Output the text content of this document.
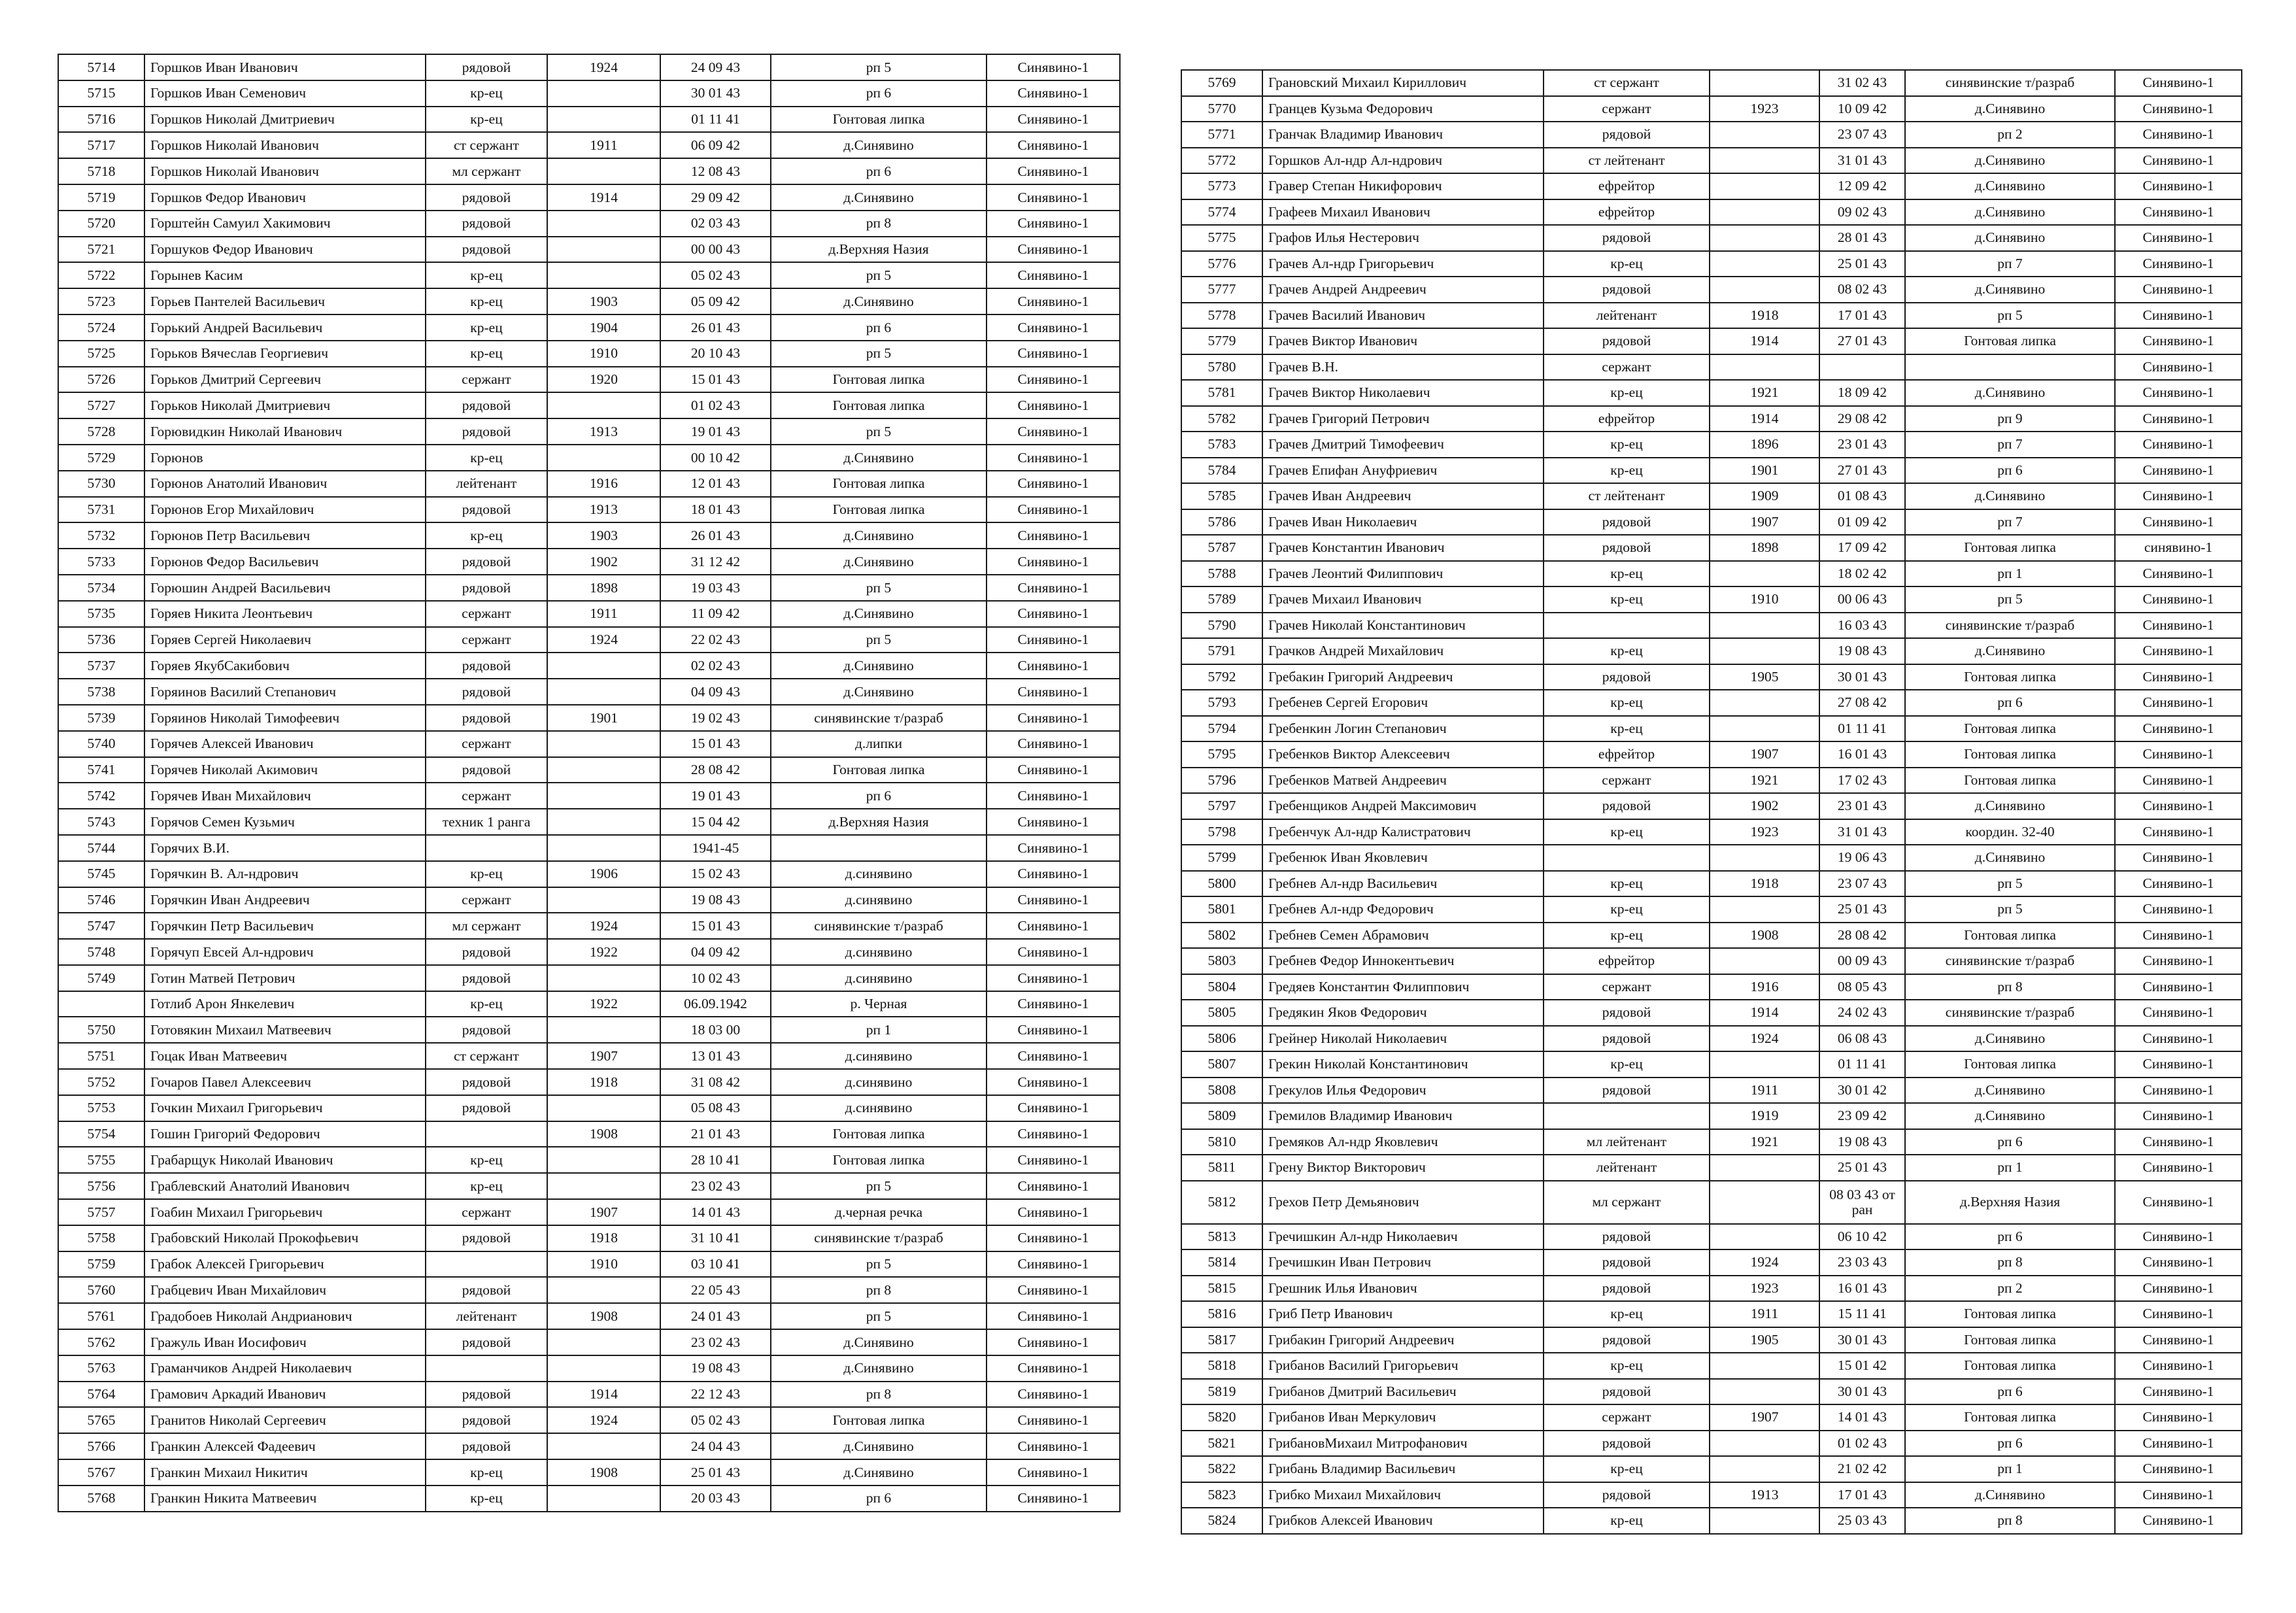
5714	Горшков Иван Иванович	рядовой	1924	24 09 43	рп 5	Синявино-1
5715	Горшков Иван Семенович	кр-ец		30 01 43	рп 6	Синявино-1
5716	Горшков Николай Дмитриевич	кр-ец		01 11 41	Гонтовая липка	Синявино-1
5717	Горшков Николай Иванович	ст сержант	1911	06 09 42	д.Синявино	Синявино-1
5718	Горшков Николай Иванович	мл сержант		12 08 43	рп 6	Синявино-1
5719	Горшков Федор Иванович	рядовой	1914	29 09 42	д.Синявино	Синявино-1
5720	Горштейн Самуил Хакимович	рядовой		02 03 43	рп 8	Синявино-1
5721	Горшуков Федор Иванович	рядовой		00 00 43	д.Верхняя Назия	Синявино-1
5722	Горынев Касим	кр-ец		05 02 43	рп 5	Синявино-1
5723	Горьев Пантелей Васильевич	кр-ец	1903	05 09 42	д.Синявино	Синявино-1
5724	Горький Андрей Васильевич	кр-ец	1904	26 01 43	рп 6	Синявино-1
5725	Горьков Вячеслав Георгиевич	кр-ец	1910	20 10 43	рп 5	Синявино-1
5726	Горьков Дмитрий Сергеевич	сержант	1920	15 01 43	Гонтовая липка	Синявино-1
5727	Горьков Николай Дмитриевич	рядовой		01 02 43	Гонтовая липка	Синявино-1
5728	Горювидкин Николай Иванович	рядовой	1913	19 01 43	рп 5	Синявино-1
5729	Горюнов	кр-ец		00 10 42	д.Синявино	Синявино-1
5730	Горюнов Анатолий Иванович	лейтенант	1916	12 01 43	Гонтовая липка	Синявино-1
5731	Горюнов Егор Михайлович	рядовой	1913	18 01 43	Гонтовая липка	Синявино-1
5732	Горюнов Петр Васильевич	кр-ец	1903	26 01 43	д.Синявино	Синявино-1
5733	Горюнов Федор Васильевич	рядовой	1902	31 12 42	д.Синявино	Синявино-1
5734	Горюшин Андрей Васильевич	рядовой	1898	19 03 43	рп 5	Синявино-1
5735	Горяев Никита Леонтьевич	сержант	1911	11 09 42	д.Синявино	Синявино-1
5736	Горяев Сергей Николаевич	сержант	1924	22 02 43	рп 5	Синявино-1
5737	Горяев ЯкубСакибович	рядовой		02 02 43	д.Синявино	Синявино-1
5738	Горяинов Василий Степанович	рядовой		04 09 43	д.Синявино	Синявино-1
5739	Горяинов Николай Тимофеевич	рядовой	1901	19 02 43	синявинские т/разраб	Синявино-1
5740	Горячев Алексей Иванович	сержант		15 01 43	д.липки	Синявино-1
5741	Горячев Николай Акимович	рядовой		28 08 42	Гонтовая липка	Синявино-1
5742	Горячев Иван Михайлович	сержант		19 01 43	рп 6	Синявино-1
5743	Горячов Семен Кузьмич	техник 1 ранга		15 04 42	д.Верхняя Назия	Синявино-1
5744	Горячих В.И.			1941-45		Синявино-1
5745	Горячкин В. Ал-ндрович	кр-ец	1906	15 02 43	д.синявино	Синявино-1
5746	Горячкин Иван Андреевич	сержант		19 08 43	д.синявино	Синявино-1
5747	Горячкин Петр Васильевич	мл сержант	1924	15 01 43	синявинские т/разраб	Синявино-1
5748	Горячуп Евсей Ал-ндрович	рядовой	1922	04 09 42	д.синявино	Синявино-1
5749	Готин Матвей Петрович	рядовой		10 02 43	д.синявино	Синявино-1
	Готлиб Арон Янкелевич	кр-ец	1922	06.09.1942	р. Черная	Синявино-1
5750	Готовякин Михаил Матвеевич	рядовой		18 03 00	рп 1	Синявино-1
5751	Гоцак Иван Матвеевич	ст сержант	1907	13 01 43	д.синявино	Синявино-1
5752	Гочаров Павел Алексеевич	рядовой	1918	31 08 42	д.синявино	Синявино-1
5753	Гочкин Михаил Григорьевич	рядовой		05 08 43	д.синявино	Синявино-1
5754	Гошин Григорий Федорович		1908	21 01 43	Гонтовая липка	Синявино-1
5755	Грабарщук Николай Иванович	кр-ец		28 10 41	Гонтовая липка	Синявино-1
5756	Граблевский Анатолий Иванович	кр-ец		23 02 43	рп 5	Синявино-1
5757	Гоабин Михаил Григорьевич	сержант	1907	14 01 43	д.черная речка	Синявино-1
5758	Грабовский Николай Прокофьевич	рядовой	1918	31 10 41	синявинские т/разраб	Синявино-1
5759	Грабок Алексей Григорьевич		1910	03 10 41	рп 5	Синявино-1
5760	Грабцевич Иван Михайлович	рядовой		22 05 43	рп 8	Синявино-1
5761	Градобоев Николай Андрианович	лейтенант	1908	24 01 43	рп 5	Синявино-1
5762	Гражуль Иван Иосифович	рядовой		23 02 43	д.Синявино	Синявино-1
5763	Граманчиков Андрей Николаевич			19 08 43	д.Синявино	Синявино-1
5764	Грамович Аркадий Иванович	рядовой	1914	22 12 43	рп 8	Синявино-1
5765	Гранитов Николай Сергеевич	рядовой	1924	05 02 43	Гонтовая липка	Синявино-1
5766	Гранкин Алексей Фадеевич	рядовой		24 04 43	д.Синявино	Синявино-1
5767	Гранкин Михаил Никитич	кр-ец	1908	25 01 43	д.Синявино	Синявино-1
5768	Гранкин Никита Матвеевич	кр-ец		20 03 43	рп 6	Синявино-1
5769	Грановский Михаил Кириллович	ст сержант		31 02 43	синявинские т/разраб	Синявино-1
5770	Гранцев Кузьма Федорович	сержант	1923	10 09 42	д.Синявино	Синявино-1
5771	Гранчак Владимир Иванович	рядовой		23 07 43	рп 2	Синявино-1
5772	Горшков Ал-ндр Ал-ндрович	ст лейтенант		31 01 43	д.Синявино	Синявино-1
5773	Гравер Степан Никифорович	ефрейтор		12 09 42	д.Синявино	Синявино-1
5774	Графеев Михаил Иванович	ефрейтор		09 02 43	д.Синявино	Синявино-1
5775	Графов Илья Нестерович	рядовой		28 01 43	д.Синявино	Синявино-1
5776	Грачев Ал-ндр Григорьевич	кр-ец		25 01 43	рп 7	Синявино-1
5777	Грачев Андрей Андреевич	рядовой		08 02 43	д.Синявино	Синявино-1
5778	Грачев Василий Иванович	лейтенант	1918	17 01 43	рп 5	Синявино-1
5779	Грачев Виктор Иванович	рядовой	1914	27 01 43	Гонтовая липка	Синявино-1
5780	Грачев В.Н.	сержант				Синявино-1
5781	Грачев Виктор Николаевич	кр-ец	1921	18 09 42	д.Синявино	Синявино-1
5782	Грачев Григорий Петрович	ефрейтор	1914	29 08 42	рп 9	Синявино-1
5783	Грачев Дмитрий Тимофеевич	кр-ец	1896	23 01 43	рп 7	Синявино-1
5784	Грачев Епифан Ануфриевич	кр-ец	1901	27 01 43	рп 6	Синявино-1
5785	Грачев Иван Андреевич	ст лейтенант	1909	01 08 43	д.Синявино	Синявино-1
5786	Грачев Иван Николаевич	рядовой	1907	01 09 42	рп 7	Синявино-1
5787	Грачев Константин Иванович	рядовой	1898	17 09 42	Гонтовая липка	синявино-1
5788	Грачев Леонтий Филиппович	кр-ец		18 02 42	рп 1	Синявино-1
5789	Грачев Михаил Иванович	кр-ец	1910	00 06 43	рп 5	Синявино-1
5790	Грачев Николай Константинович			16 03 43	синявинские т/разраб	Синявино-1
5791	Грачков Андрей Михайлович	кр-ец		19 08 43	д.Синявино	Синявино-1
5792	Гребакин Григорий Андреевич	рядовой	1905	30 01 43	Гонтовая липка	Синявино-1
5793	Гребенев Сергей Егорович	кр-ец		27 08 42	рп 6	Синявино-1
5794	Гребенкин Логин Степанович	кр-ец		01 11 41	Гонтовая липка	Синявино-1
5795	Гребенков Виктор Алексеевич	ефрейтор	1907	16 01 43	Гонтовая липка	Синявино-1
5796	Гребенков Матвей Андреевич	сержант	1921	17 02 43	Гонтовая липка	Синявино-1
5797	Гребенщиков Андрей Максимович	рядовой	1902	23 01 43	д.Синявино	Синявино-1
5798	Гребенчук Ал-ндр Калистратович	кр-ец	1923	31 01 43	координ. 32-40	Синявино-1
5799	Гребенюк Иван Яковлевич			19 06 43	д.Синявино	Синявино-1
5800	Гребнев Ал-ндр Васильевич	кр-ец	1918	23 07 43	рп 5	Синявино-1
5801	Гребнев Ал-ндр Федорович	кр-ец		25 01 43	рп 5	Синявино-1
5802	Гребнев Семен Абрамович	кр-ец	1908	28 08 42	Гонтовая липка	Синявино-1
5803	Гребнев Федор Иннокентьевич	ефрейтор		00 09 43	синявинские т/разраб	Синявино-1
5804	Гредяев Константин Филиппович	сержант	1916	08 05 43	рп 8	Синявино-1
5805	Гредякин Яков Федорович	рядовой	1914	24 02 43	синявинские т/разраб	Синявино-1
5806	Грейнер Николай Николаевич	рядовой	1924	06 08 43	д.Синявино	Синявино-1
5807	Грекин Николай Константинович	кр-ец		01 11 41	Гонтовая липка	Синявино-1
5808	Грекулов Илья Федорович	рядовой	1911	30 01 42	д.Синявино	Синявино-1
5809	Гремилов Владимир Иванович		1919	23 09 42	д.Синявино	Синявино-1
5810	Гремяков Ал-ндр Яковлевич	мл лейтенант	1921	19 08 43	рп 6	Синявино-1
5811	Грену Виктор Викторович	лейтенант		25 01 43	рп 1	Синявино-1
5812	Грехов Петр Демьянович	мл сержант		08 03 43 от ран	д.Верхняя Назия	Синявино-1
5813	Гречишкин Ал-ндр Николаевич	рядовой		06 10 42	рп 6	Синявино-1
5814	Гречишкин Иван Петрович	рядовой	1924	23 03 43	рп 8	Синявино-1
5815	Грешник Илья Иванович	рядовой	1923	16 01 43	рп 2	Синявино-1
5816	Гриб Петр Иванович	кр-ец	1911	15 11 41	Гонтовая липка	Синявино-1
5817	Грибакин Григорий Андреевич	рядовой	1905	30 01 43	Гонтовая липка	Синявино-1
5818	Грибанов Василий Григорьевич	кр-ец		15 01 42	Гонтовая липка	Синявино-1
5819	Грибанов Дмитрий Васильевич	рядовой		30 01 43	рп 6	Синявино-1
5820	Грибанов Иван Меркулович	сержант	1907	14 01 43	Гонтовая липка	Синявино-1
5821	ГрибановМихаил Митрофанович	рядовой		01 02 43	рп 6	Синявино-1
5822	Грибань Владимир Васильевич	кр-ец		21 02 42	рп 1	Синявино-1
5823	Грибко Михаил Михайлович	рядовой	1913	17 01 43	д.Синявино	Синявино-1
5824	Грибков Алексей Иванович	кр-ец		25 03 43	рп 8	Синявино-1
